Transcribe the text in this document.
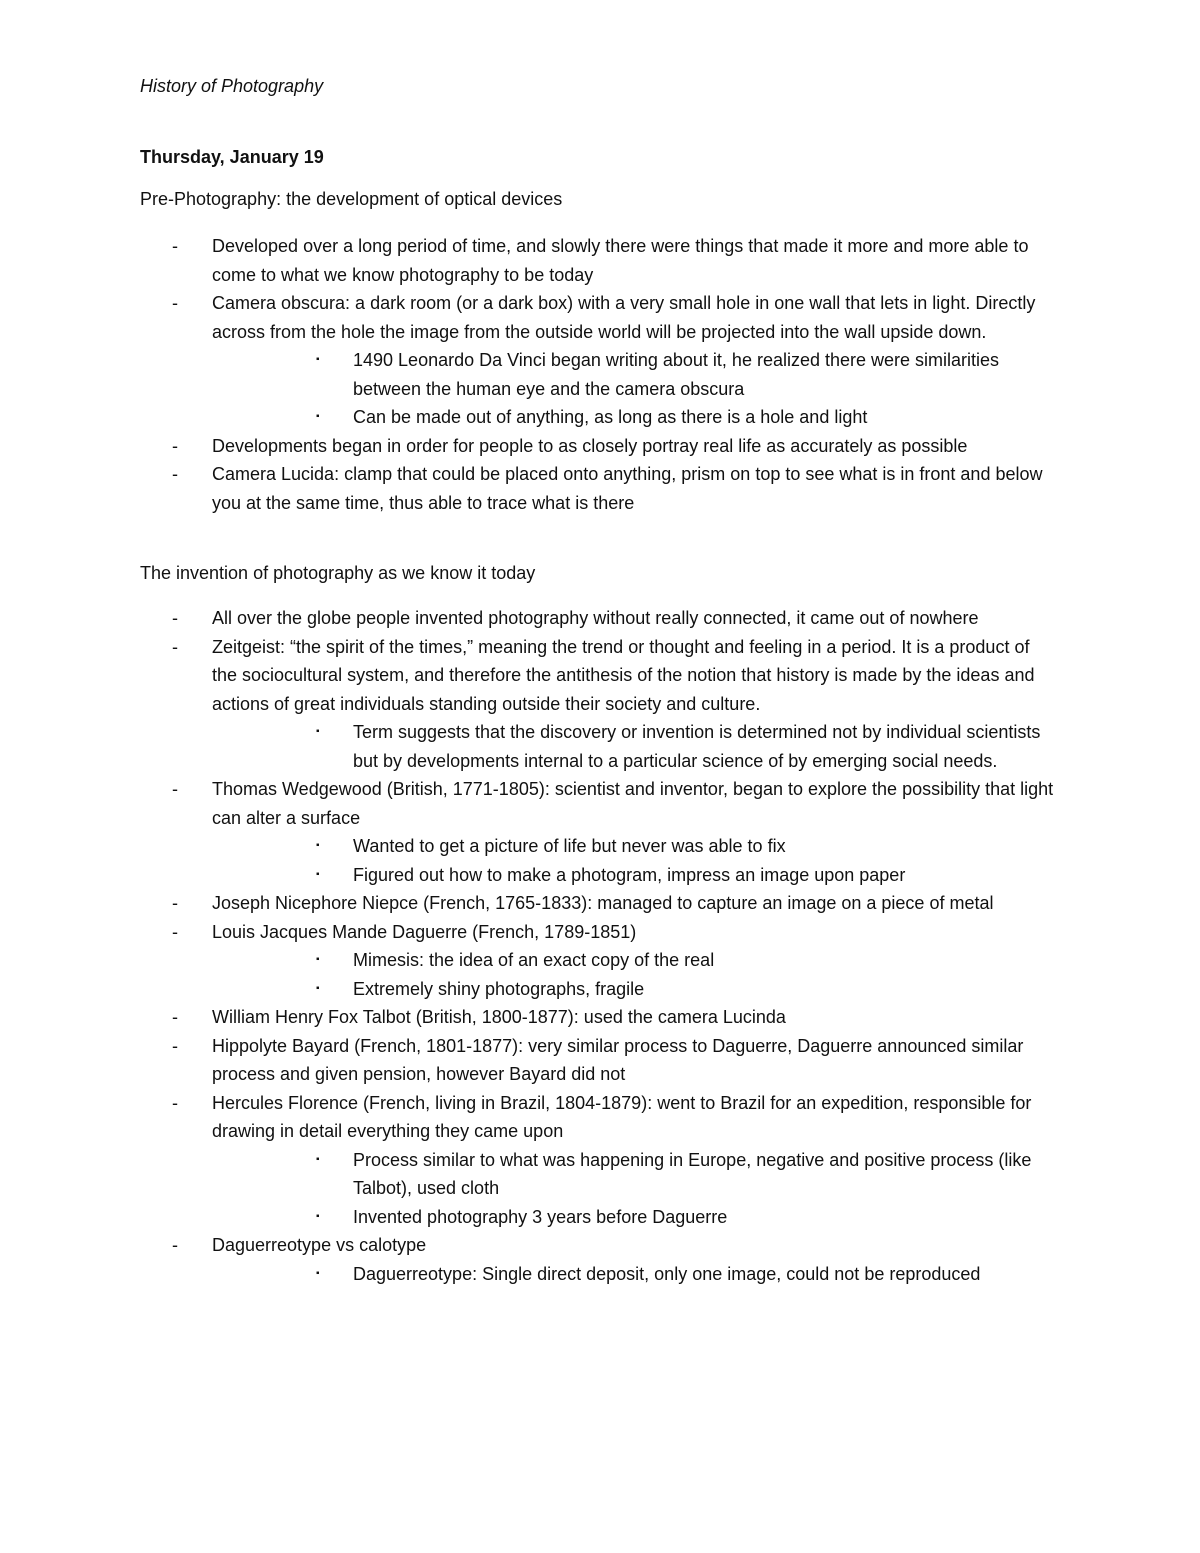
History of Photography
Thursday, January 19
Pre-Photography: the development of optical devices
- Developed over a long period of time, and slowly there were things that made it more and more able to come to what we know photography to be today
- Camera obscura: a dark room (or a dark box) with a very small hole in one wall that lets in light. Directly across from the hole the image from the outside world will be projected into the wall upside down.
▪ 1490 Leonardo Da Vinci began writing about it, he realized there were similarities between the human eye and the camera obscura
▪ Can be made out of anything, as long as there is a hole and light
- Developments began in order for people to as closely portray real life as accurately as possible
- Camera Lucida: clamp that could be placed onto anything, prism on top to see what is in front and below you at the same time, thus able to trace what is there
The invention of photography as we know it today
- All over the globe people invented photography without really connected, it came out of nowhere
- Zeitgeist: “the spirit of the times,” meaning the trend or thought and feeling in a period. It is a product of the sociocultural system, and therefore the antithesis of the notion that history is made by the ideas and actions of great individuals standing outside their society and culture.
▪ Term suggests that the discovery or invention is determined not by individual scientists but by developments internal to a particular science of by emerging social needs.
- Thomas Wedgewood (British, 1771-1805): scientist and inventor, began to explore the possibility that light can alter a surface
▪ Wanted to get a picture of life but never was able to fix
▪ Figured out how to make a photogram, impress an image upon paper
- Joseph Nicephore Niepce (French, 1765-1833): managed to capture an image on a piece of metal
- Louis Jacques Mande Daguerre (French, 1789-1851)
▪ Mimesis: the idea of an exact copy of the real
▪ Extremely shiny photographs, fragile
- William Henry Fox Talbot (British, 1800-1877): used the camera Lucinda
- Hippolyte Bayard (French, 1801-1877): very similar process to Daguerre, Daguerre announced similar process and given pension, however Bayard did not
- Hercules Florence (French, living in Brazil, 1804-1879): went to Brazil for an expedition, responsible for drawing in detail everything they came upon
▪ Process similar to what was happening in Europe, negative and positive process (like Talbot), used cloth
▪ Invented photography 3 years before Daguerre
- Daguerreotype vs calotype
▪ Daguerreotype: Single direct deposit, only one image, could not be reproduced
